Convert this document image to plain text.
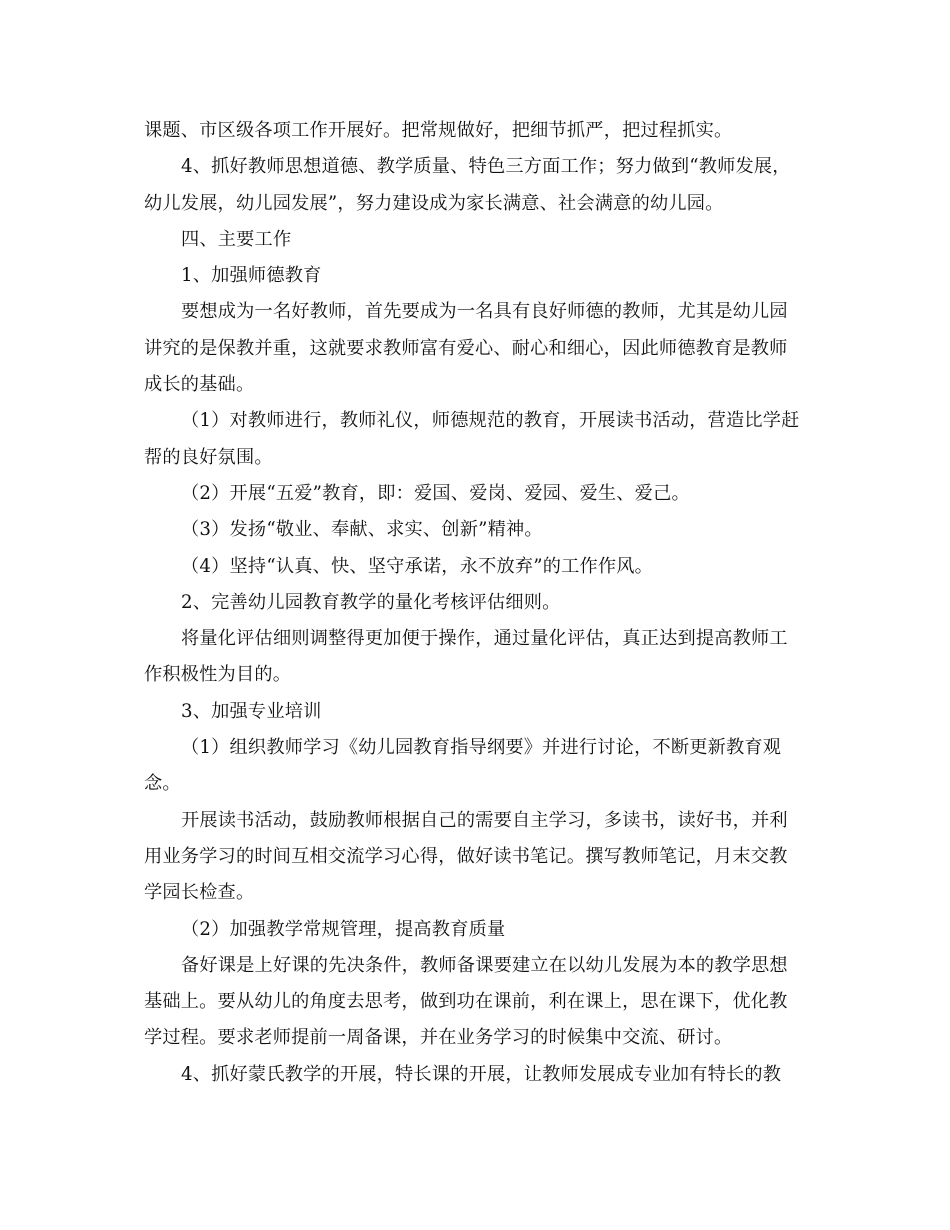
课题、市区级各项工作开展好。把常规做好，把细节抓严，把过程抓实。
4、抓好教师思想道德、教学质量、特色三方面工作；努力做到“教师发展，
幼儿发展，幼儿园发展”，努力建设成为家长满意、社会满意的幼儿园。
四、主要工作
1、加强师德教育
要想成为一名好教师，首先要成为一名具有良好师德的教师，尤其是幼儿园
讲究的是保教并重，这就要求教师富有爱心、耐心和细心，因此师德教育是教师
成长的基础。
（1）对教师进行，教师礼仪，师德规范的教育，开展读书活动，营造比学赶
帮的良好氛围。
（2）开展“五爱”教育，即：爱国、爱岗、爱园、爱生、爱己。
（3）发扬“敬业、奉献、求实、创新”精神。
（4）坚持“认真、快、坚守承诺，永不放弃”的工作作风。
2、完善幼儿园教育教学的量化考核评估细则。
将量化评估细则调整得更加便于操作，通过量化评估，真正达到提高教师工
作积极性为目的。
3、加强专业培训
（1）组织教师学习《幼儿园教育指导纲要》并进行讨论，不断更新教育观
念。
开展读书活动，鼓励教师根据自己的需要自主学习，多读书，读好书，并利
用业务学习的时间互相交流学习心得，做好读书笔记。撰写教师笔记，月末交教
学园长检查。
（2）加强教学常规管理，提高教育质量
备好课是上好课的先决条件，教师备课要建立在以幼儿发展为本的教学思想
基础上。要从幼儿的角度去思考，做到功在课前，利在课上，思在课下，优化教
学过程。要求老师提前一周备课，并在业务学习的时候集中交流、研讨。
4、抓好蒙氏教学的开展，特长课的开展，让教师发展成专业加有特长的教
